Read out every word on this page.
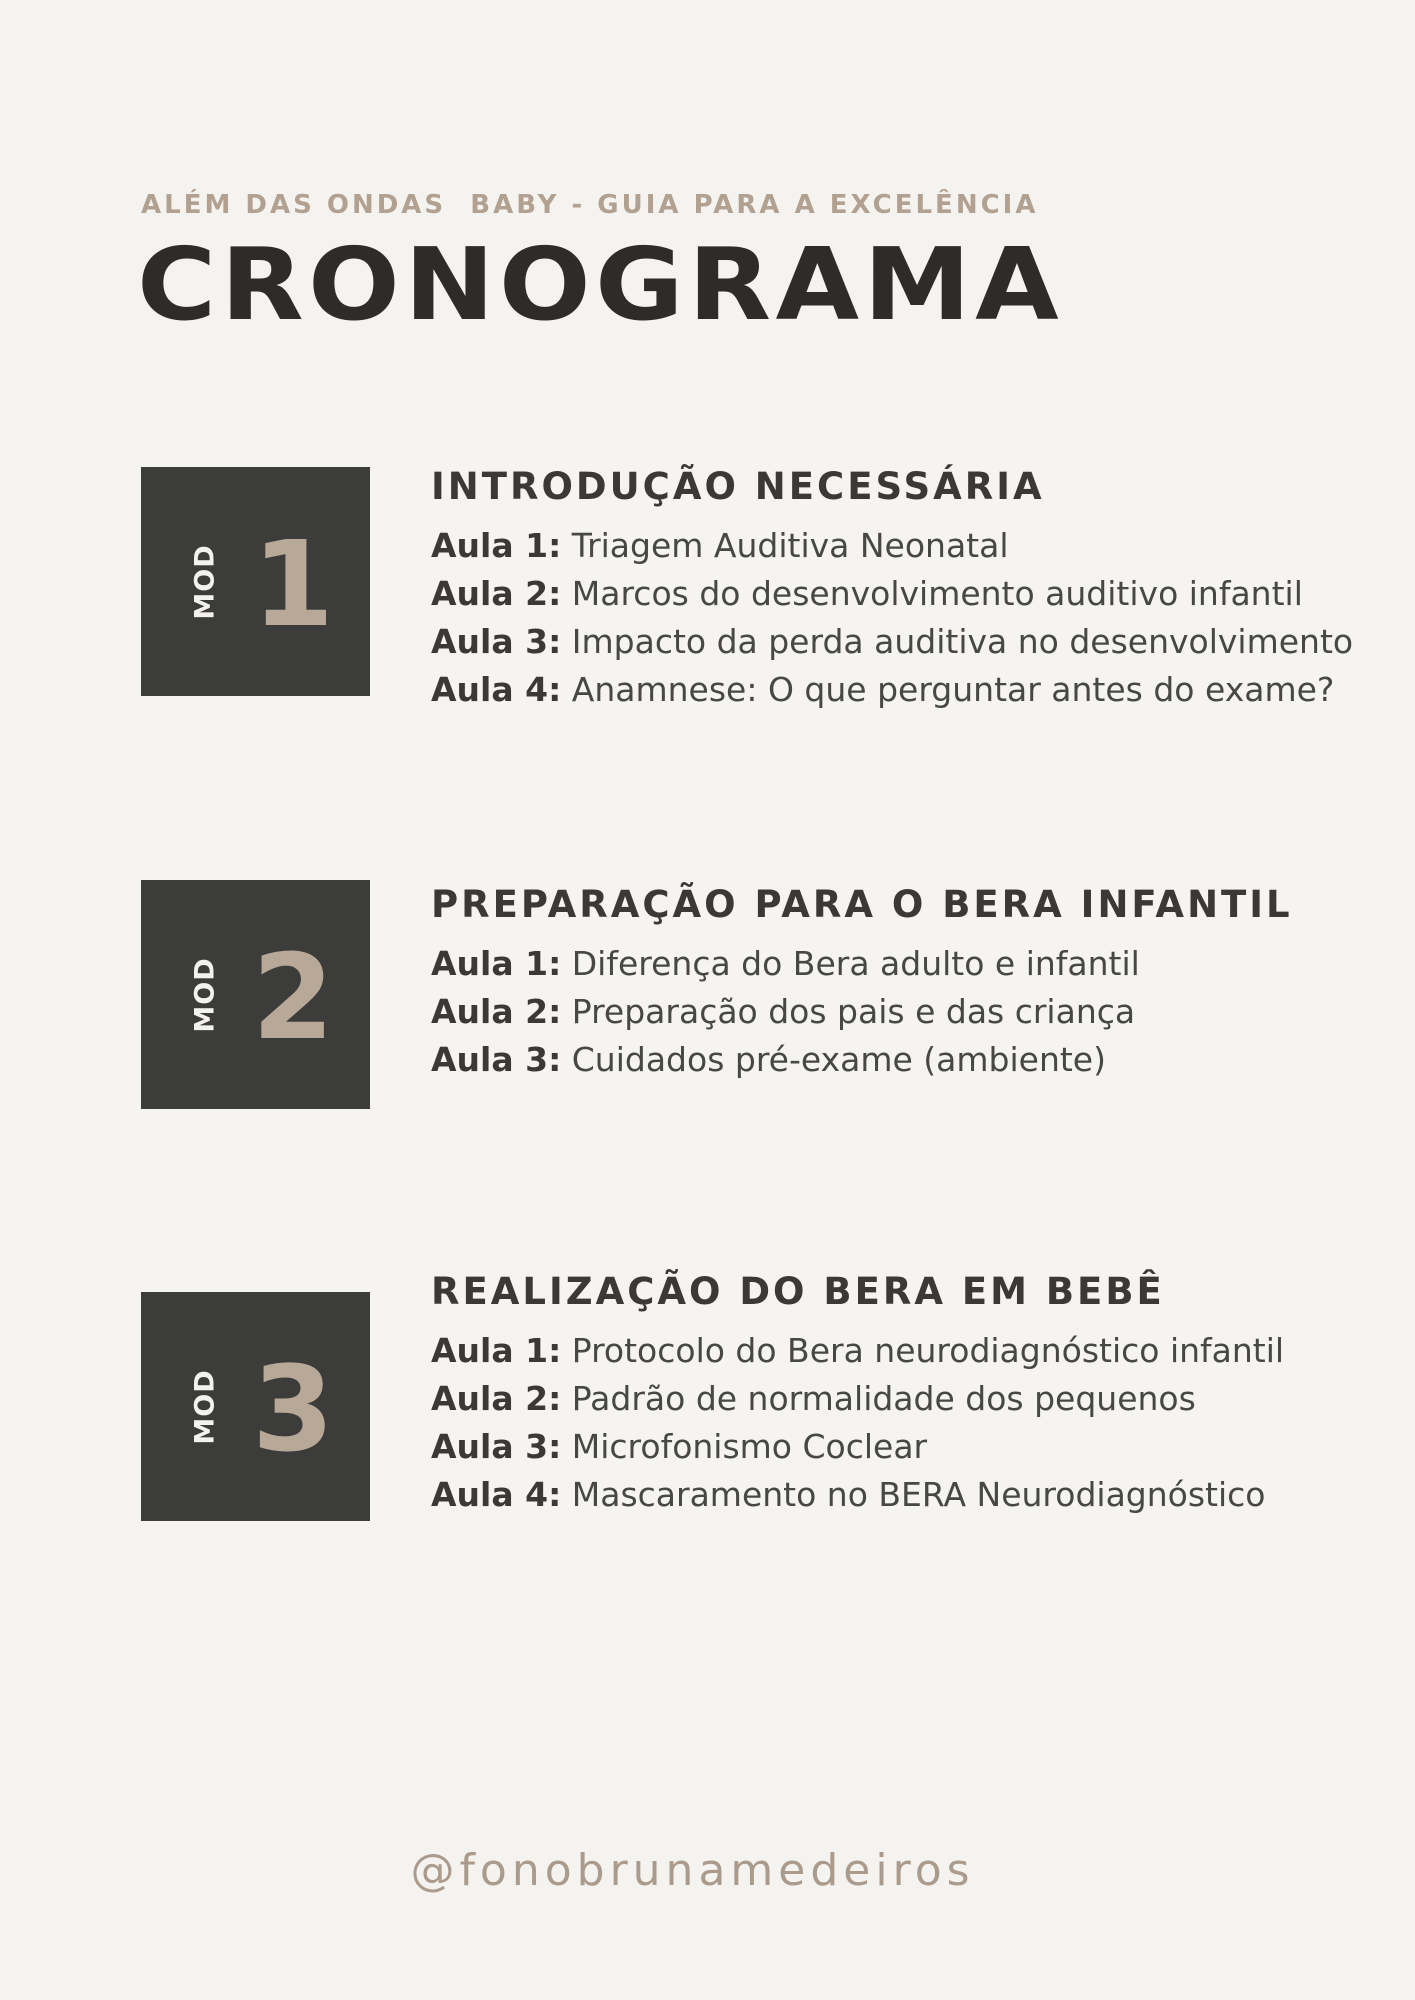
ALÉM DAS ONDAS  BABY - GUIA PARA A EXCELÊNCIA

CRONOGRAMA
MOD 1
INTRODUÇÃO NECESSÁRIA

Aula 1: Triagem Auditiva Neonatal

Aula 2: Marcos do desenvolvimento auditivo infantil

Aula 3: Impacto da perda auditiva no desenvolvimento

Aula 4: Anamnese: O que perguntar antes do exame?

MOD 2
PREPARAÇÃO PARA O BERA INFANTIL

Aula 1: Diferença do Bera adulto e infantil

Aula 2: Preparação dos pais e das criança

Aula 3: Cuidados pré-exame (ambiente)

MOD 3
REALIZAÇÃO DO BERA EM BEBÊ

Aula 1: Protocolo do Bera neurodiagnóstico infantil

Aula 2: Padrão de normalidade dos pequenos

Aula 3: Microfonismo Coclear

Aula 4: Mascaramento no BERA Neurodiagnóstico

@fonobrunamedeiros
